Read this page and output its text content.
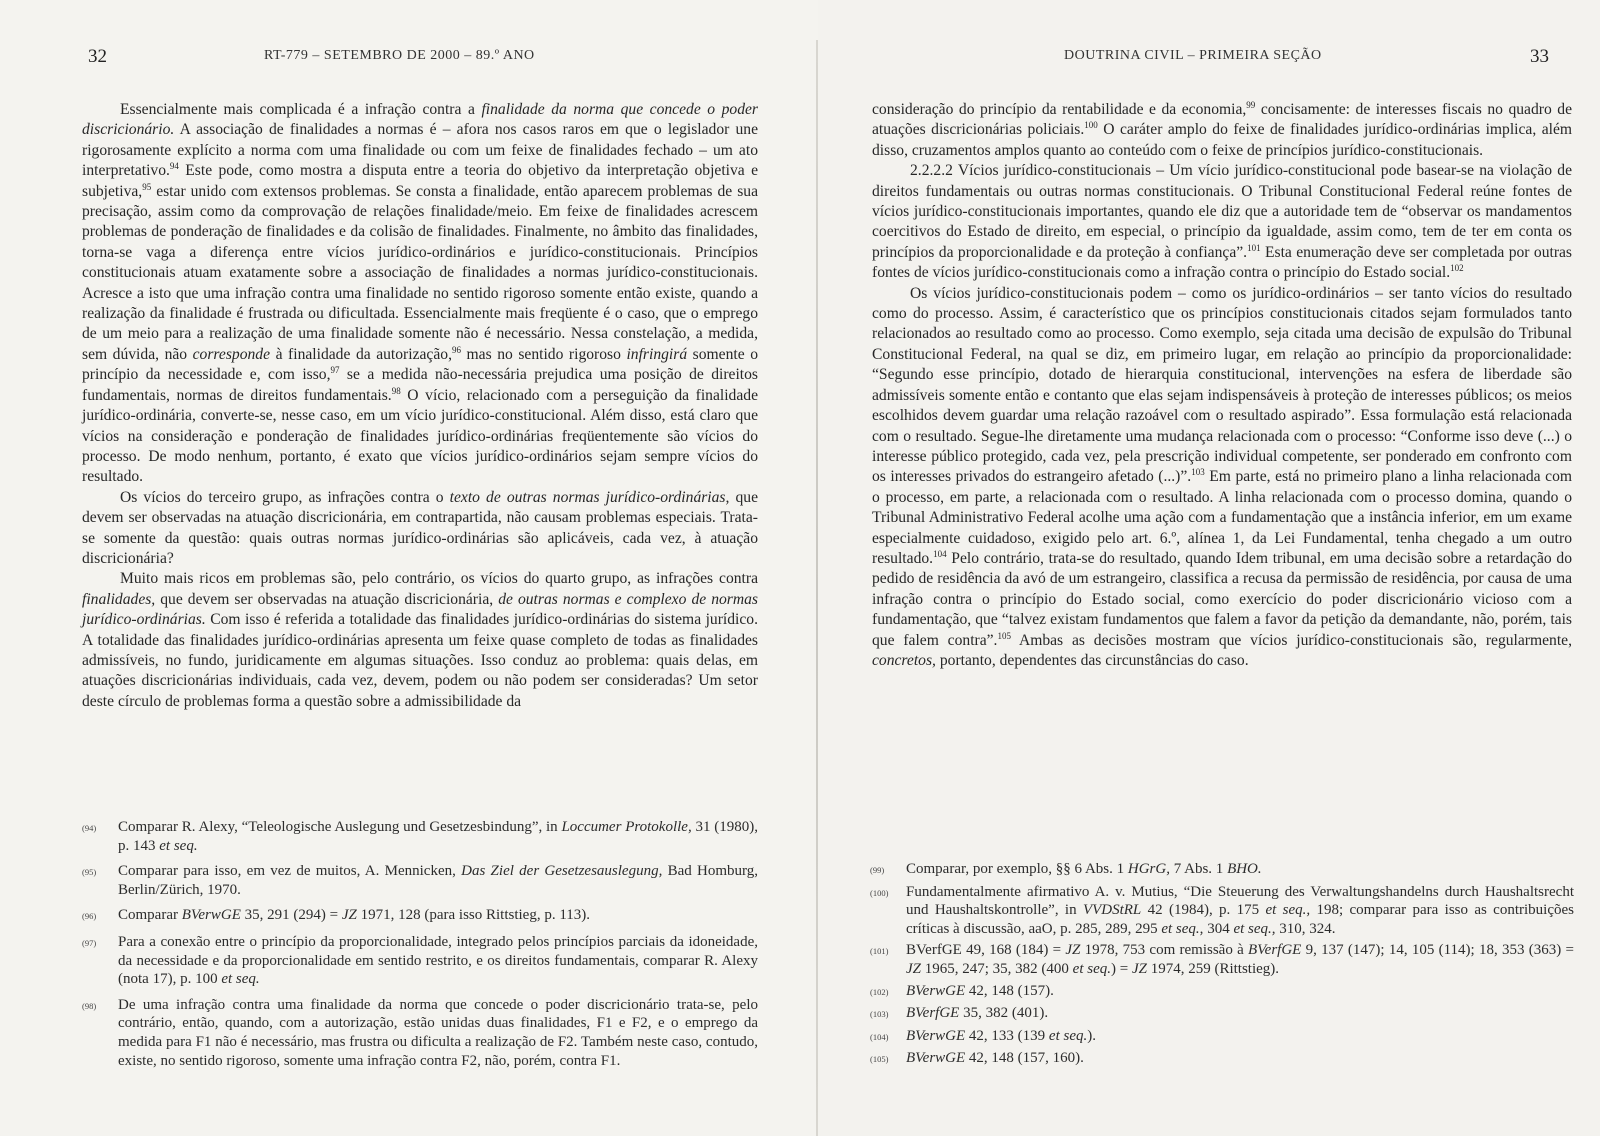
32	RT-779 – SETEMBRO DE 2000 – 89.º ANO

Essencialmente mais complicada é a infração contra a finalidade da norma que concede o poder discricionário. A associação de finalidades a normas é – afora nos casos raros em que o legislador une rigorosamente explícito a norma com uma finalidade ou com um feixe de finalidades fechado – um ato interpretativo.$^{94}$ Este pode, como mostra a disputa entre a teoria do objetivo da interpretação objetiva e subjetiva,$^{95}$ estar unido com extensos problemas. Se consta a finalidade, então aparecem problemas de sua precisação, assim como da comprovação de relações finalidade/meio. Em feixe de finalidades acrescem problemas de ponderação de finalidades e da colisão de finalidades. Finalmente, no âmbito das finalidades, torna-se vaga a diferença entre vícios jurídico-ordinários e jurídico-constitucionais. Princípios constitucionais atuam exatamente sobre a associação de finalidades a normas jurídico-constitucionais. Acresce a isto que uma infração contra uma finalidade no sentido rigoroso somente então existe, quando a realização da finalidade é frustrada ou dificultada. Essencialmente mais freqüente é o caso, que o emprego de um meio para a realização de uma finalidade somente não é necessário. Nessa constelação, a medida, sem dúvida, não corresponde à finalidade da autorização,$^{96}$ mas no sentido rigoroso infringirá somente o princípio da necessidade e, com isso,$^{97}$ se a medida não-necessária prejudica uma posição de direitos fundamentais, normas de direitos fundamentais.$^{98}$ O vício, relacionado com a perseguição da finalidade jurídico-ordinária, converte-se, nesse caso, em um vício jurídico-constitucional. Além disso, está claro que vícios na consideração e ponderação de finalidades jurídico-ordinárias freqüentemente são vícios do processo. De modo nenhum, portanto, é exato que vícios jurídico-ordinários sejam sempre vícios do resultado.

Os vícios do terceiro grupo, as infrações contra o texto de outras normas jurídico-ordinárias, que devem ser observadas na atuação discricionária, em contrapartida, não causam problemas especiais. Trata-se somente da questão: quais outras normas jurídico-ordinárias são aplicáveis, cada vez, à atuação discricionária?

Muito mais ricos em problemas são, pelo contrário, os vícios do quarto grupo, as infrações contra finalidades, que devem ser observadas na atuação discricionária, de outras normas e complexo de normas jurídico-ordinárias. Com isso é referida a totalidade das finalidades jurídico-ordinárias do sistema jurídico. A totalidade das finalidades jurídico-ordinárias apresenta um feixe quase completo de todas as finalidades admissíveis, no fundo, juridicamente em algumas situações. Isso conduz ao problema: quais delas, em atuações discricionárias individuais, cada vez, devem, podem ou não podem ser consideradas? Um setor deste círculo de problemas forma a questão sobre a admissibilidade da

(94)	Comparar R. Alexy, “Teleologische Auslegung und Gesetzesbindung”, in Loccumer Protokolle, 31 (1980), p. 143 et seq.
(95)	Comparar para isso, em vez de muitos, A. Mennicken, Das Ziel der Gesetzesauslegung, Bad Homburg, Berlin/Zürich, 1970.
(96)	Comparar BVerwGE 35, 291 (294) = JZ 1971, 128 (para isso Rittstieg, p. 113).
(97)	Para a conexão entre o princípio da proporcionalidade, integrado pelos princípios parciais da idoneidade, da necessidade e da proporcionalidade em sentido restrito, e os direitos fundamentais, comparar R. Alexy (nota 17), p. 100 et seq.
(98)	De uma infração contra uma finalidade da norma que concede o poder discricionário trata-se, pelo contrário, então, quando, com a autorização, estão unidas duas finalidades, F1 e F2, e o emprego da medida para F1 não é necessário, mas frustra ou dificulta a realização de F2. Também neste caso, contudo, existe, no sentido rigoroso, somente uma infração contra F2, não, porém, contra F1.
DOUTRINA CIVIL – PRIMEIRA SEÇÃO	33

consideração do princípio da rentabilidade e da economia,$^{99}$ concisamente: de interesses fiscais no quadro de atuações discricionárias policiais.$^{100}$ O caráter amplo do feixe de finalidades jurídico-ordinárias implica, além disso, cruzamentos amplos quanto ao conteúdo com o feixe de princípios jurídico-constitucionais.

2.2.2.2 Vícios jurídico-constitucionais – Um vício jurídico-constitucional pode basear-se na violação de direitos fundamentais ou outras normas constitucionais. O Tribunal Constitucional Federal reúne fontes de vícios jurídico-constitucionais importantes, quando ele diz que a autoridade tem de “observar os mandamentos coercitivos do Estado de direito, em especial, o princípio da igualdade, assim como, tem de ter em conta os princípios da proporcionalidade e da proteção à confiança”.$^{101}$ Esta enumeração deve ser completada por outras fontes de vícios jurídico-constitucionais como a infração contra o princípio do Estado social.$^{102}$

Os vícios jurídico-constitucionais podem – como os jurídico-ordinários – ser tanto vícios do resultado como do processo. Assim, é característico que os princípios constitucionais citados sejam formulados tanto relacionados ao resultado como ao processo. Como exemplo, seja citada uma decisão de expulsão do Tribunal Constitucional Federal, na qual se diz, em primeiro lugar, em relação ao princípio da proporcionalidade: “Segundo esse princípio, dotado de hierarquia constitucional, intervenções na esfera de liberdade são admissíveis somente então e contanto que elas sejam indispensáveis à proteção de interesses públicos; os meios escolhidos devem guardar uma relação razoável com o resultado aspirado”. Essa formulação está relacionada com o resultado. Segue-lhe diretamente uma mudança relacionada com o processo: “Conforme isso deve (...) o interesse público protegido, cada vez, pela prescrição individual competente, ser ponderado em confronto com os interesses privados do estrangeiro afetado (...)”.$^{103}$ Em parte, está no primeiro plano a linha relacionada com o processo, em parte, a relacionada com o resultado. A linha relacionada com o processo domina, quando o Tribunal Administrativo Federal acolhe uma ação com a fundamentação que a instância inferior, em um exame especialmente cuidadoso, exigido pelo art. 6.º, alínea 1, da Lei Fundamental, tenha chegado a um outro resultado.$^{104}$ Pelo contrário, trata-se do resultado, quando Idem tribunal, em uma decisão sobre a retardação do pedido de residência da avó de um estrangeiro, classifica a recusa da permissão de residência, por causa de uma infração contra o princípio do Estado social, como exercício do poder discricionário vicioso com a fundamentação, que “talvez existam fundamentos que falem a favor da petição da demandante, não, porém, tais que falem contra”.$^{105}$ Ambas as decisões mostram que vícios jurídico-constitucionais são, regularmente, concretos, portanto, dependentes das circunstâncias do caso.

(99)	Comparar, por exemplo, §§ 6 Abs. 1 HGrG, 7 Abs. 1 BHO.
(100)	Fundamentalmente afirmativo A. v. Mutius, “Die Steuerung des Verwaltungshandelns durch Haushaltsrecht und Haushaltskontrolle”, in VVDStRL 42 (1984), p. 175 et seq., 198; comparar para isso as contribuições críticas à discussão, aaO, p. 285, 289, 295 et seq., 304 et seq., 310, 324.
(101)	BVerfGE 49, 168 (184) = JZ 1978, 753 com remissão à BVerfGE 9, 137 (147); 14, 105 (114); 18, 353 (363) = JZ 1965, 247; 35, 382 (400 et seq.) = JZ 1974, 259 (Rittstieg).
(102)	BVerwGE 42, 148 (157).
(103)	BVerfGE 35, 382 (401).
(104)	BVerwGE 42, 133 (139 et seq.).
(105)	BVerwGE 42, 148 (157, 160).
